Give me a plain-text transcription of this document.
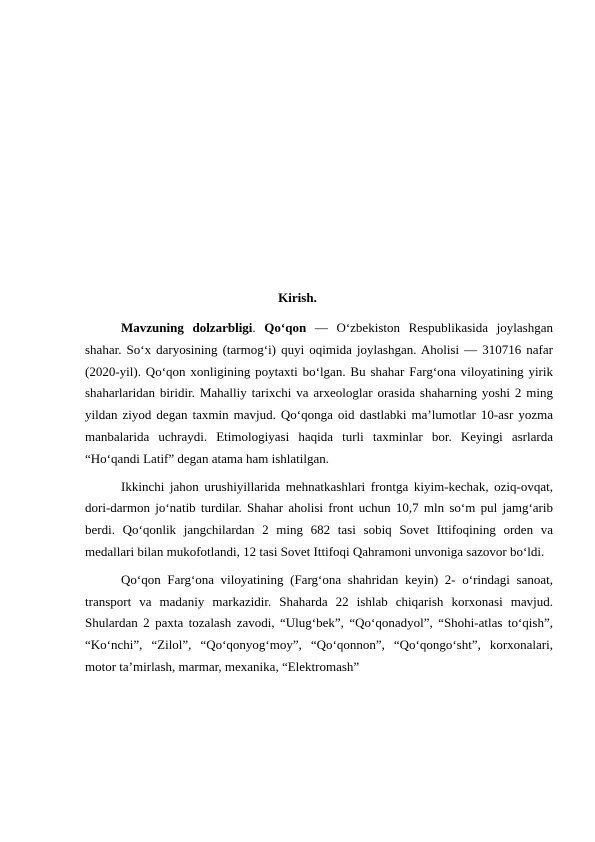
Kirish.

Mavzuning dolzarbligi. Qo‘qon — O‘zbekiston Respublikasida joylashgan shahar. So‘x daryosining (tarmog‘i) quyi oqimida joylashgan. Aholisi — 310716 nafar (2020-yil). Qo‘qon xonligining poytaxti bo‘lgan. Bu shahar Farg‘ona viloyatining yirik shaharlaridan biridir. Mahalliy tarixchi va arxeologlar orasida shaharning yoshi 2 ming yildan ziyod degan taxmin mavjud. Qo‘qonga oid dastlabki ma’lumotlar 10-asr yozma manbalarida uchraydi. Etimologiyasi haqida turli taxminlar bor. Keyingi asrlarda “Ho‘qandi Latif” degan atama ham ishlatilgan.

Ikkinchi jahon urushiyillarida mehnatkashlari frontga kiyim-kechak, oziq-ovqat, dori-darmon jo‘natib turdilar. Shahar aholisi front uchun 10,7 mln so‘m pul jamg‘arib berdi. Qo‘qonlik jangchilardan 2 ming 682 tasi sobiq Sovet Ittifoqining orden va medallari bilan mukofotlandi, 12 tasi Sovet Ittifoqi Qahramoni unvoniga sazovor bo‘ldi.

Qo‘qon Farg‘ona viloyatining (Farg‘ona shahridan keyin) 2- o‘rindagi sanoat, transport va madaniy markazidir. Shaharda 22 ishlab chiqarish korxonasi mavjud. Shulardan 2 paxta tozalash zavodi, “Ulug‘bek”, “Qo‘qonadyol”, “Shohi-atlas to‘qish”, “Ko‘nchi”, “Zilol”, “Qo‘qonyog‘moy”, “Qo‘qonnon”, “Qo‘qongo‘sht”, korxonalari, motor ta’mirlash, marmar, mexanika, “Elektromash”
